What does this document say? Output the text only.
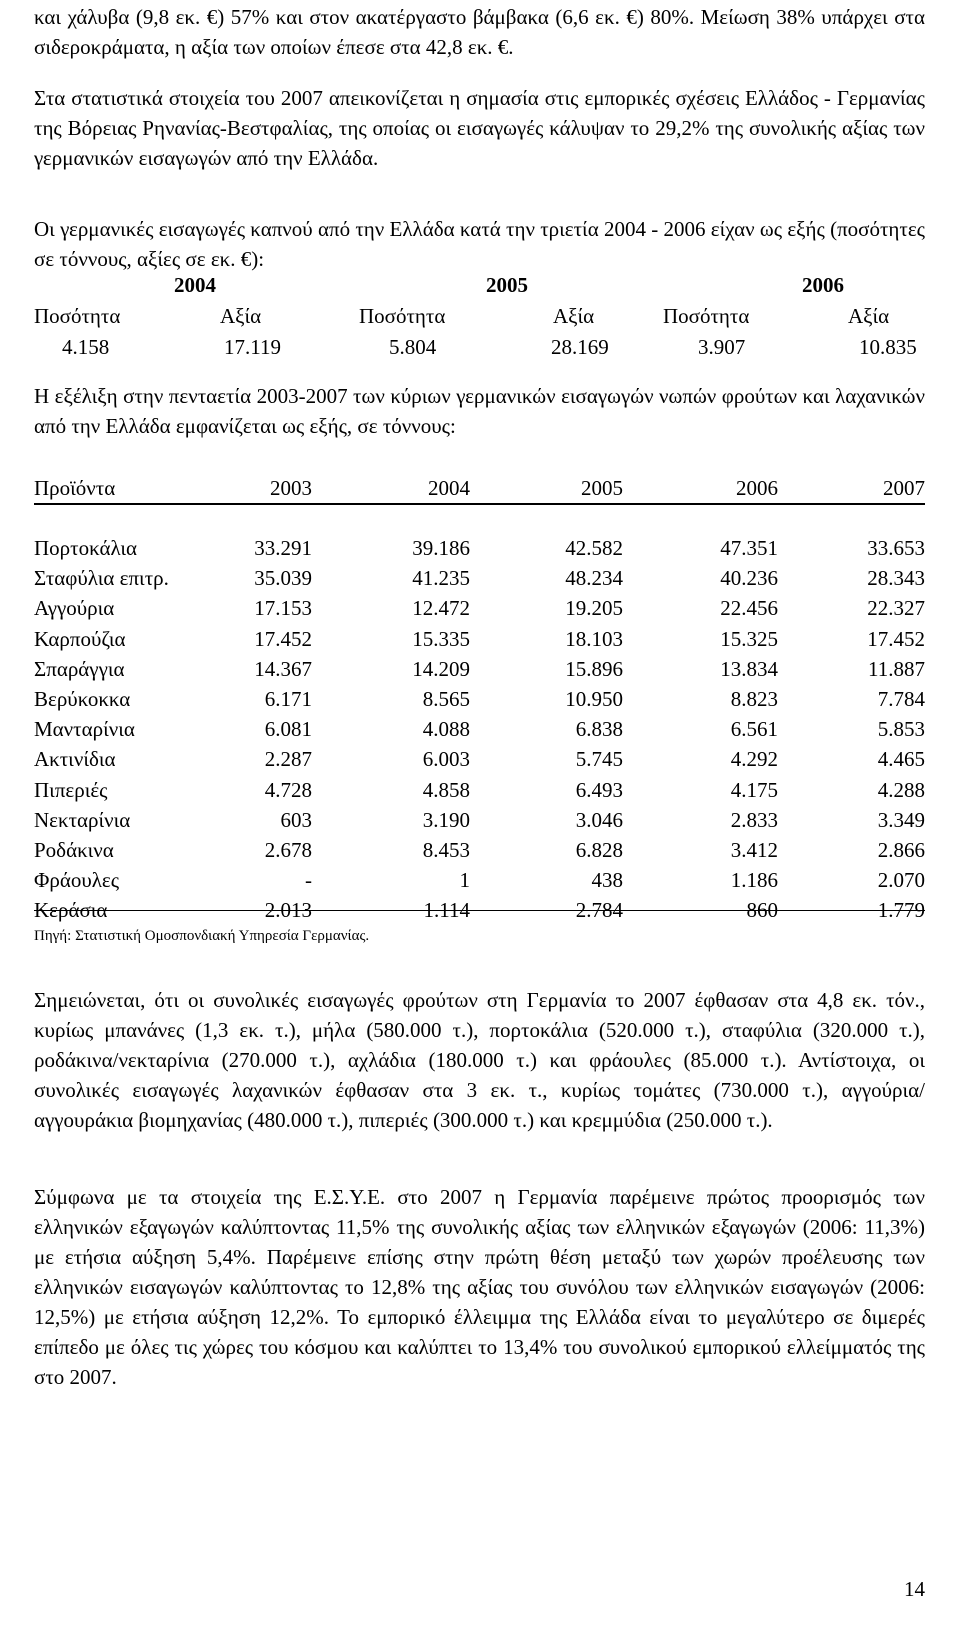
και χάλυβα (9,8 εκ. €) 57% και στον ακατέργαστο βάμβακα (6,6 εκ. €) 80%. Μείωση 38% υπάρχει στα σιδεροκράματα, η αξία των οποίων έπεσε στα 42,8 εκ. €.

Στα στατιστικά στοιχεία του 2007 απεικονίζεται η σημασία στις εμπορικές σχέσεις Ελλάδος - Γερμανίας της Βόρειας Ρηνανίας-Βεστφαλίας, της οποίας οι εισαγωγές κάλυψαν το 29,2% της συνολικής αξίας των γερμανικών εισαγωγών από την Ελλάδα.

Οι γερμανικές εισαγωγές καπνού από την Ελλάδα κατά την τριετία 2004 - 2006 είχαν ως εξής (ποσότητες σε τόννους, αξίες σε εκ. €):

2004	2005	2006
Ποσότητα	Αξία	Ποσότητα	Αξία	Ποσότητα	Αξία
4.158	17.119	5.804	28.169	3.907	10.835

Η εξέλιξη στην πενταετία 2003-2007 των κύριων γερμανικών εισαγωγών νωπών φρούτων και λαχανικών από την Ελλάδα εμφανίζεται ως εξής, σε τόννους:

Προϊόντα	2003	2004	2005	2006	2007
Πορτοκάλια	33.291	39.186	42.582	47.351	33.653
Σταφύλια επιτρ.	35.039	41.235	48.234	40.236	28.343
Αγγούρια	17.153	12.472	19.205	22.456	22.327
Καρπούζια	17.452	15.335	18.103	15.325	17.452
Σπαράγγια	14.367	14.209	15.896	13.834	11.887
Βερύκοκκα	6.171	8.565	10.950	8.823	7.784
Μανταρίνια	6.081	4.088	6.838	6.561	5.853
Ακτινίδια	2.287	6.003	5.745	4.292	4.465
Πιπεριές	4.728	4.858	6.493	4.175	4.288
Νεκταρίνια	603	3.190	3.046	2.833	3.349
Ροδάκινα	2.678	8.453	6.828	3.412	2.866
Φράουλες	-	1	438	1.186	2.070
Κεράσια	2.013	1.114	2.784	860	1.779
Πηγή: Στατιστική Ομοσπονδιακή Υπηρεσία Γερμανίας.

Σημειώνεται, ότι οι συνολικές εισαγωγές φρούτων στη Γερμανία το 2007 έφθασαν στα 4,8 εκ. τόν., κυρίως μπανάνες (1,3 εκ. τ.), μήλα (580.000 τ.), πορτοκάλια (520.000 τ.), σταφύλια (320.000 τ.), ροδάκινα/νεκταρίνια (270.000 τ.), αχλάδια (180.000 τ.) και φράουλες (85.000 τ.). Αντίστοιχα, οι συνολικές εισαγωγές λαχανικών έφθασαν στα 3 εκ. τ., κυρίως τομάτες (730.000 τ.), αγγούρια/αγγουράκια βιομηχανίας (480.000 τ.), πιπεριές (300.000 τ.) και κρεμμύδια (250.000 τ.).

Σύμφωνα με τα στοιχεία της Ε.Σ.Υ.Ε. στο 2007 η Γερμανία παρέμεινε πρώτος προορισμός των ελληνικών εξαγωγών καλύπτοντας 11,5% της συνολικής αξίας των ελληνικών εξαγωγών (2006: 11,3%) με ετήσια αύξηση 5,4%. Παρέμεινε επίσης στην πρώτη θέση μεταξύ των χωρών προέλευσης των ελληνικών εισαγωγών καλύπτοντας το 12,8% της αξίας του συνόλου των ελληνικών εισαγωγών (2006: 12,5%) με ετήσια αύξηση 12,2%. Το εμπορικό έλλειμμα της Ελλάδα είναι το μεγαλύτερο σε διμερές επίπεδο με όλες τις χώρες του κόσμου και καλύπτει το 13,4% του συνολικού εμπορικού ελλείμματός της στο 2007.

14
